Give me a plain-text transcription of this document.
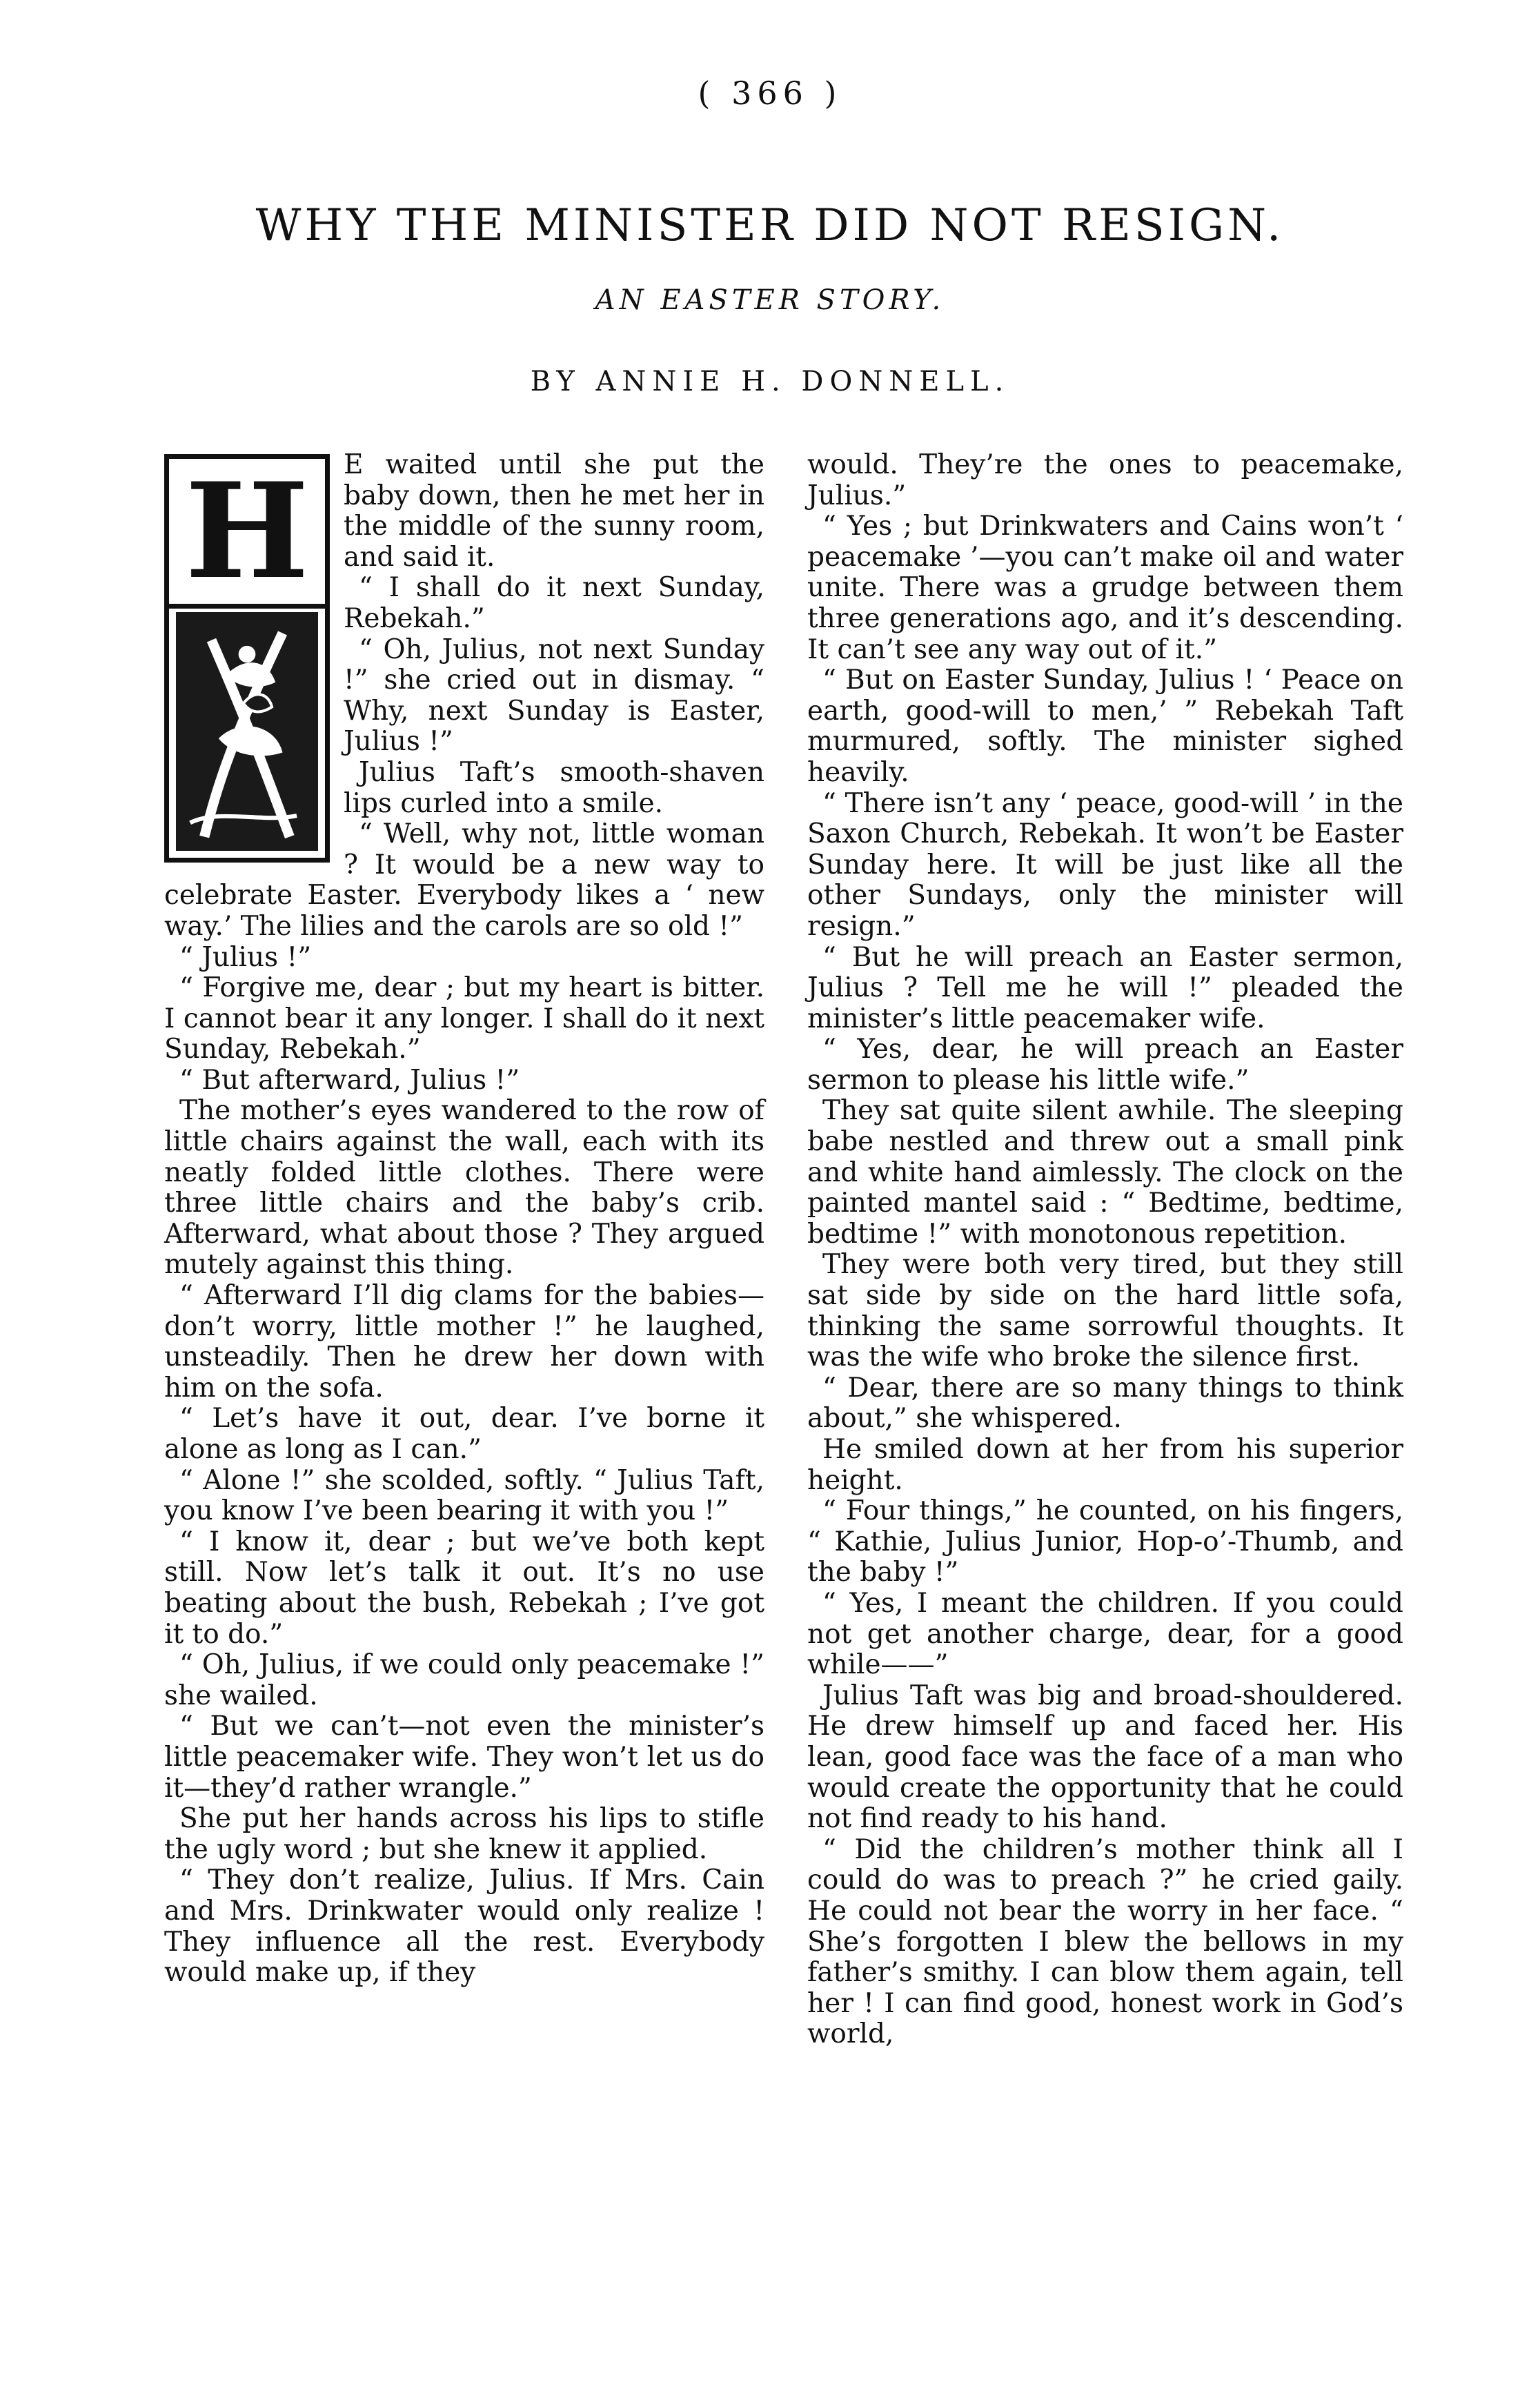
( 366 )
WHY THE MINISTER DID NOT RESIGN.
AN EASTER STORY.
BY ANNIE H. DONNELL.
H	E waited until she put the baby down, then he met her in the middle of the sunny room, and said it.

“ I shall do it next Sunday, Rebekah.”

“ Oh, Julius, not next Sunday !” she cried out in dismay. “ Why, next Sunday is Easter, Julius !”

Julius Taft’s smooth-shaven lips curled into a smile.

“ Well, why not, little woman ? It would be a new way to celebrate Easter. Everybody likes a ‘ new way.’ The lilies and the carols are so old !”

“ Julius !”

“ Forgive me, dear ; but my heart is bitter. I cannot bear it any longer. I shall do it next Sunday, Rebekah.”

“ But afterward, Julius !”

The mother’s eyes wandered to the row of little chairs against the wall, each with its neatly folded little clothes. There were three little chairs and the baby’s crib. Afterward, what about those ? They argued mutely against this thing.

“ Afterward I’ll dig clams for the babies—don’t worry, little mother !” he laughed, unsteadily. Then he drew her down with him on the sofa.

“ Let’s have it out, dear. I’ve borne it alone as long as I can.”

“ Alone !” she scolded, softly. “ Julius Taft, you know I’ve been bearing it with you !”

“ I know it, dear ; but we’ve both kept still. Now let’s talk it out. It’s no use beating about the bush, Rebekah ; I’ve got it to do.”

“ Oh, Julius, if we could only peacemake !” she wailed.

“ But we can’t—not even the minister’s little peacemaker wife. They won’t let us do it—they’d rather wrangle.”

She put her hands across his lips to stifle the ugly word ; but she knew it applied.

“ They don’t realize, Julius. If Mrs. Cain and Mrs. Drinkwater would only realize ! They influence all the rest. Everybody would make up, if they

would. They’re the ones to peacemake, Julius.”

“ Yes ; but Drinkwaters and Cains won’t ‘ peacemake ’—you can’t make oil and water unite. There was a grudge between them three generations ago, and it’s descending. It can’t see any way out of it.”

“ But on Easter Sunday, Julius ! ‘ Peace on earth, good-will to men,’ ” Rebekah Taft murmured, softly. The minister sighed heavily.

“ There isn’t any ‘ peace, good-will ’ in the Saxon Church, Rebekah. It won’t be Easter Sunday here. It will be just like all the other Sundays, only the minister will resign.”

“ But he will preach an Easter sermon, Julius ? Tell me he will !” pleaded the minister’s little peacemaker wife.

“ Yes, dear, he will preach an Easter sermon to please his little wife.”

They sat quite silent awhile. The sleeping babe nestled and threw out a small pink and white hand aimlessly. The clock on the painted mantel said : “ Bedtime, bedtime, bedtime !” with monotonous repetition.

They were both very tired, but they still sat side by side on the hard little sofa, thinking the same sorrowful thoughts. It was the wife who broke the silence first.

“ Dear, there are so many things to think about,” she whispered.

He smiled down at her from his superior height.

“ Four things,” he counted, on his fingers, “ Kathie, Julius Junior, Hop-o’-Thumb, and the baby !”

“ Yes, I meant the children. If you could not get another charge, dear, for a good while——”

Julius Taft was big and broad-shouldered. He drew himself up and faced her. His lean, good face was the face of a man who would create the opportunity that he could not find ready to his hand.

“ Did the children’s mother think all I could do was to preach ?” he cried gaily. He could not bear the worry in her face. “ She’s forgotten I blew the bellows in my father’s smithy. I can blow them again, tell her ! I can find good, honest work in God’s world,
